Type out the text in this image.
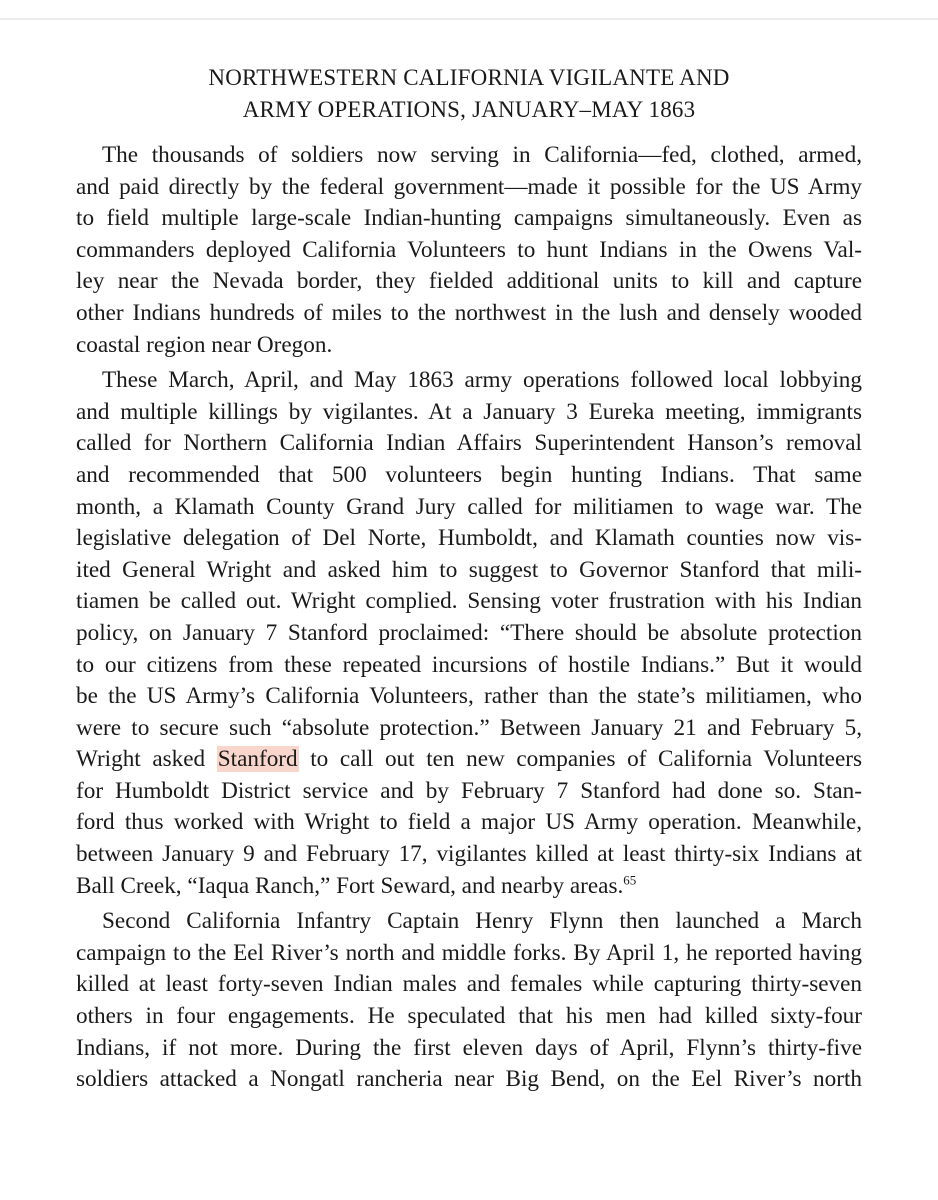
NORTHWESTERN CALIFORNIA VIGILANTE AND
ARMY OPERATIONS, JANUARY–MAY 1863
The thousands of soldiers now serving in California—fed, clothed, armed,
and paid directly by the federal government—made it possible for the US Army
to field multiple large-scale Indian-hunting campaigns simultaneously. Even as
commanders deployed California Volunteers to hunt Indians in the Owens Val-
ley near the Nevada border, they fielded additional units to kill and capture
other Indians hundreds of miles to the northwest in the lush and densely wooded
coastal region near Oregon.
These March, April, and May 1863 army operations followed local lobbying
and multiple killings by vigilantes. At a January 3 Eureka meeting, immigrants
called for Northern California Indian Affairs Superintendent Hanson’s removal
and recommended that 500 volunteers begin hunting Indians. That same
month, a Klamath County Grand Jury called for militiamen to wage war. The
legislative delegation of Del Norte, Humboldt, and Klamath counties now vis-
ited General Wright and asked him to suggest to Governor Stanford that mili-
tiamen be called out. Wright complied. Sensing voter frustration with his Indian
policy, on January 7 Stanford proclaimed: “There should be absolute protection
to our citizens from these repeated incursions of hostile Indians.” But it would
be the US Army’s California Volunteers, rather than the state’s militiamen, who
were to secure such “absolute protection.” Between January 21 and February 5,
Wright asked Stanford to call out ten new companies of California Volunteers
for Humboldt District service and by February 7 Stanford had done so. Stan-
ford thus worked with Wright to field a major US Army operation. Meanwhile,
between January 9 and February 17, vigilantes killed at least thirty-six Indians at
Ball Creek, “Iaqua Ranch,” Fort Seward, and nearby areas.$^{65}$
Second California Infantry Captain Henry Flynn then launched a March
campaign to the Eel River’s north and middle forks. By April 1, he reported having
killed at least forty-seven Indian males and females while capturing thirty-seven
others in four engagements. He speculated that his men had killed sixty-four
Indians, if not more. During the first eleven days of April, Flynn’s thirty-five
soldiers attacked a Nongatl rancheria near Big Bend, on the Eel River’s north
